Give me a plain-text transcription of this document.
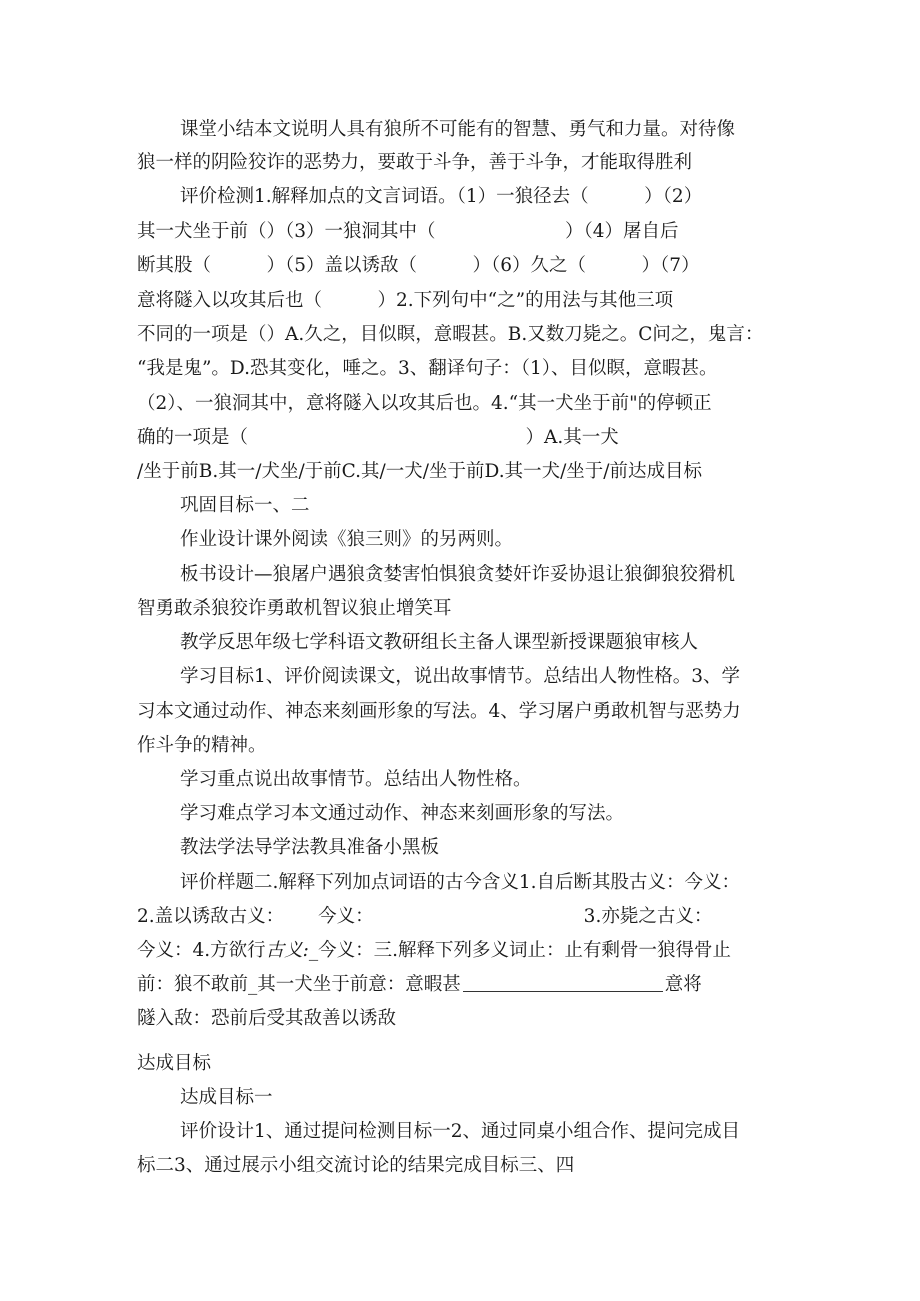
课堂小结本文说明人具有狼所不可能有的智慧、勇气和力量。对待像
狼一样的阴险狡诈的恶势力，要敢于斗争，善于斗争，才能取得胜利
评价检测1.解释加点的文言词语。（1）一狼径去（　　　）（2）
其一犬坐于前（）（3）一狼洞其中（　　　　　　　）（4）屠自后
断其股（　　　）（5）盖以诱敌（　　　）（6）久之（　　　）（7）
意将隧入以攻其后也（　　　）2.下列句中“之”的用法与其他三项
不同的一项是（）A.久之，目似瞑，意暇甚。B.又数刀毙之。C问之，鬼言：
“我是鬼”。D.恐其变化，唾之。3、翻译句子：（1）、目似瞑，意暇甚。
（2）、一狼洞其中，意将隧入以攻其后也。4.“其一犬坐于前"的停顿正
确的一项是（　　　　　　　　　　　　　　　）A.其一犬
/坐于前B.其一/犬坐/于前C.其/一犬/坐于前D.其一犬/坐于/前达成目标
巩固目标一、二
作业设计课外阅读《狼三则》的另两则。
板书设计—狼屠户遇狼贪婪害怕惧狼贪婪奸诈妥协退让狼御狼狡猾机
智勇敢杀狼狡诈勇敢机智议狼止增笑耳
教学反思年级七学科语文教研组长主备人课型新授课题狼审核人
学习目标1、评价阅读课文，说出故事情节。总结出人物性格。3、学
习本文通过动作、神态来刻画形象的写法。4、学习屠户勇敢机智与恶势力
作斗争的精神。
学习重点说出故事情节。总结出人物性格。
学习难点学习本文通过动作、神态来刻画形象的写法。
教法学法导学法教具准备小黑板
评价样题二.解释下列加点词语的古今含义1.自后断其股古义：今义：
2.盖以诱敌古义： 今义：	3.亦毙之古义：
今义：4.方欲行古义:_今义：三.解释下列多义词止：止有剩骨一狼得骨止
前：狼不敢前_其一犬坐于前意：意暇甚	意将
隧入敌：恐前后受其敌善以诱敌
达成目标
达成目标一
评价设计1、通过提问检测目标一2、通过同桌小组合作、提问完成目
标二3、通过展示小组交流讨论的结果完成目标三、四
